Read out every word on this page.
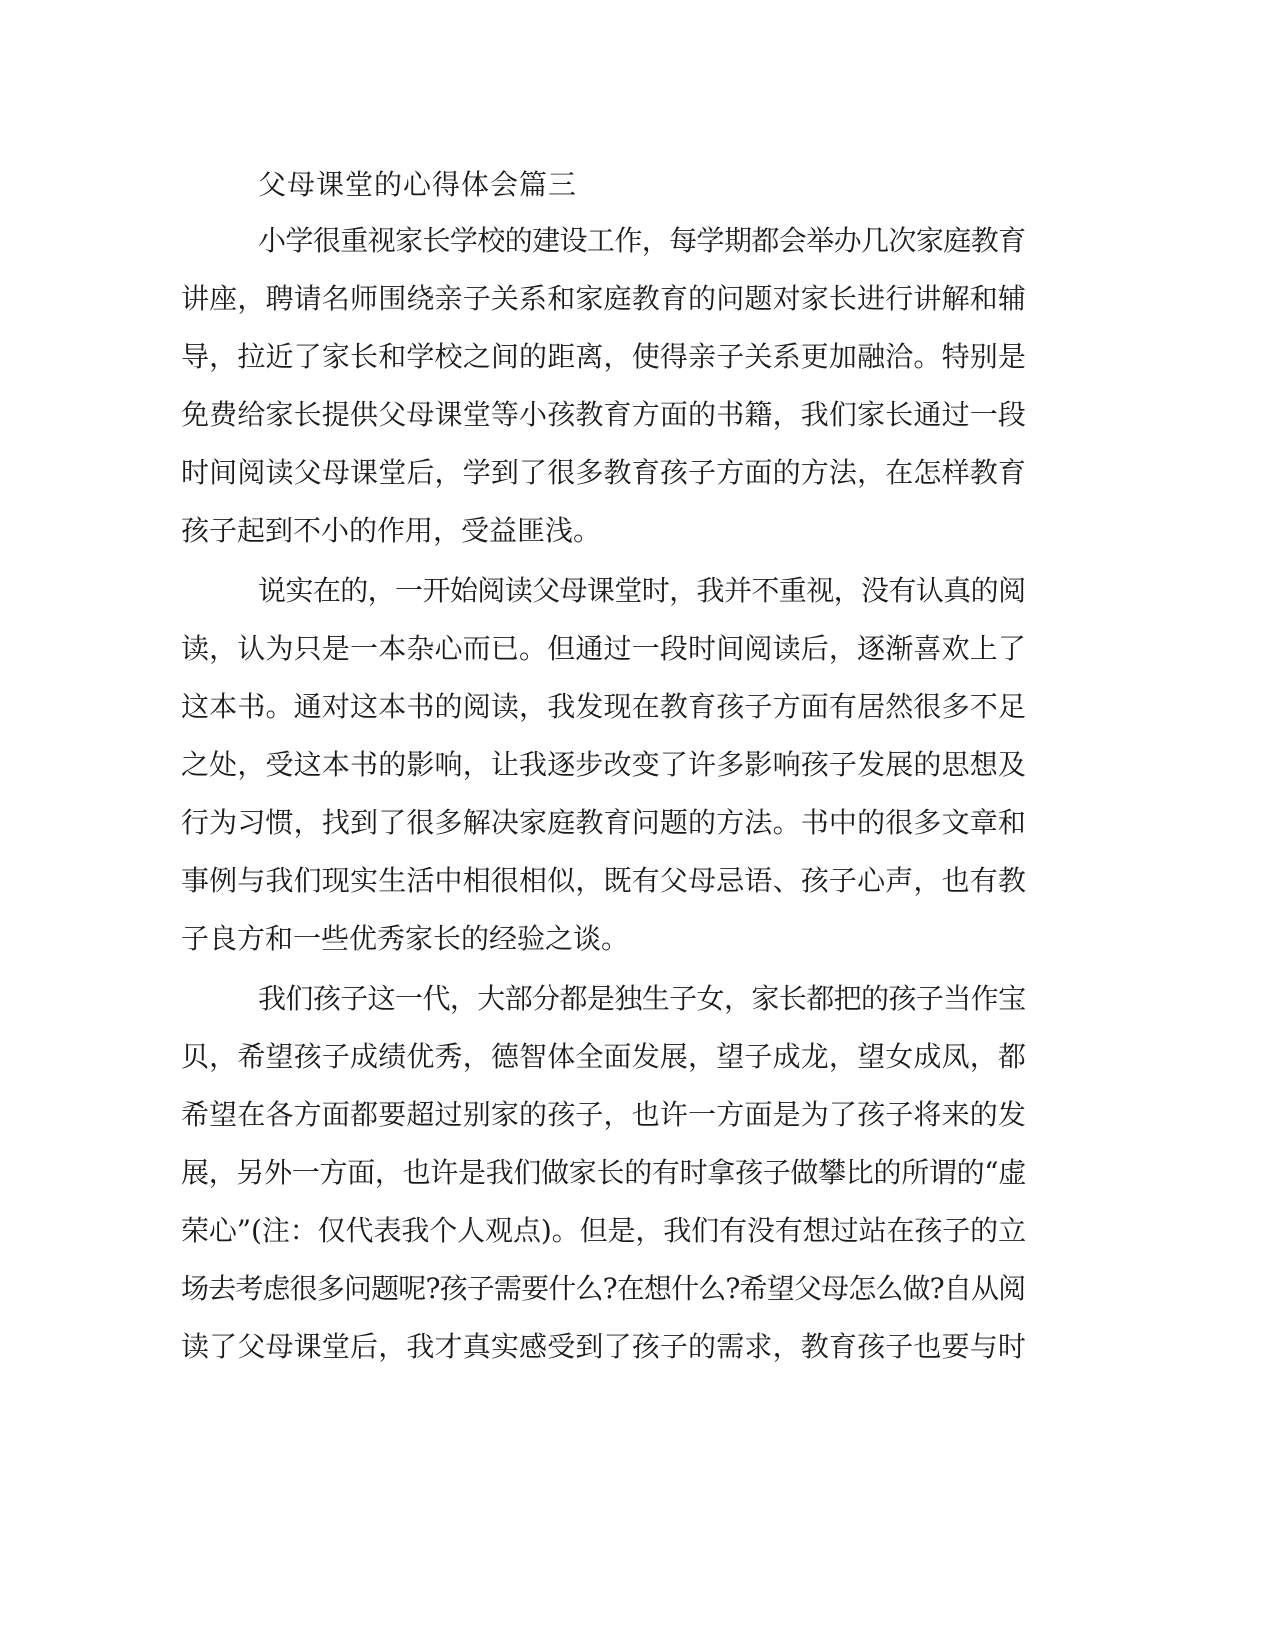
父母课堂的心得体会篇三

小学很重视家长学校的建设工作，每学期都会举办几次家庭教育

讲座，聘请名师围绕亲子关系和家庭教育的问题对家长进行讲解和辅

导，拉近了家长和学校之间的距离，使得亲子关系更加融洽。特别是

免费给家长提供父母课堂等小孩教育方面的书籍，我们家长通过一段

时间阅读父母课堂后，学到了很多教育孩子方面的方法，在怎样教育

孩子起到不小的作用，受益匪浅。

说实在的，一开始阅读父母课堂时，我并不重视，没有认真的阅

读，认为只是一本杂心而已。但通过一段时间阅读后，逐渐喜欢上了

这本书。通对这本书的阅读，我发现在教育孩子方面有居然很多不足

之处，受这本书的影响，让我逐步改变了许多影响孩子发展的思想及

行为习惯，找到了很多解决家庭教育问题的方法。书中的很多文章和

事例与我们现实生活中相很相似，既有父母忌语、孩子心声，也有教

子良方和一些优秀家长的经验之谈。

我们孩子这一代，大部分都是独生子女，家长都把的孩子当作宝

贝，希望孩子成绩优秀，德智体全面发展，望子成龙，望女成凤，都

希望在各方面都要超过别家的孩子，也许一方面是为了孩子将来的发

展，另外一方面，也许是我们做家长的有时拿孩子做攀比的所谓的“虚

荣心”(注：仅代表我个人观点)。但是，我们有没有想过站在孩子的立

场去考虑很多问题呢?孩子需要什么?在想什么?希望父母怎么做?自从阅

读了父母课堂后，我才真实感受到了孩子的需求，教育孩子也要与时
